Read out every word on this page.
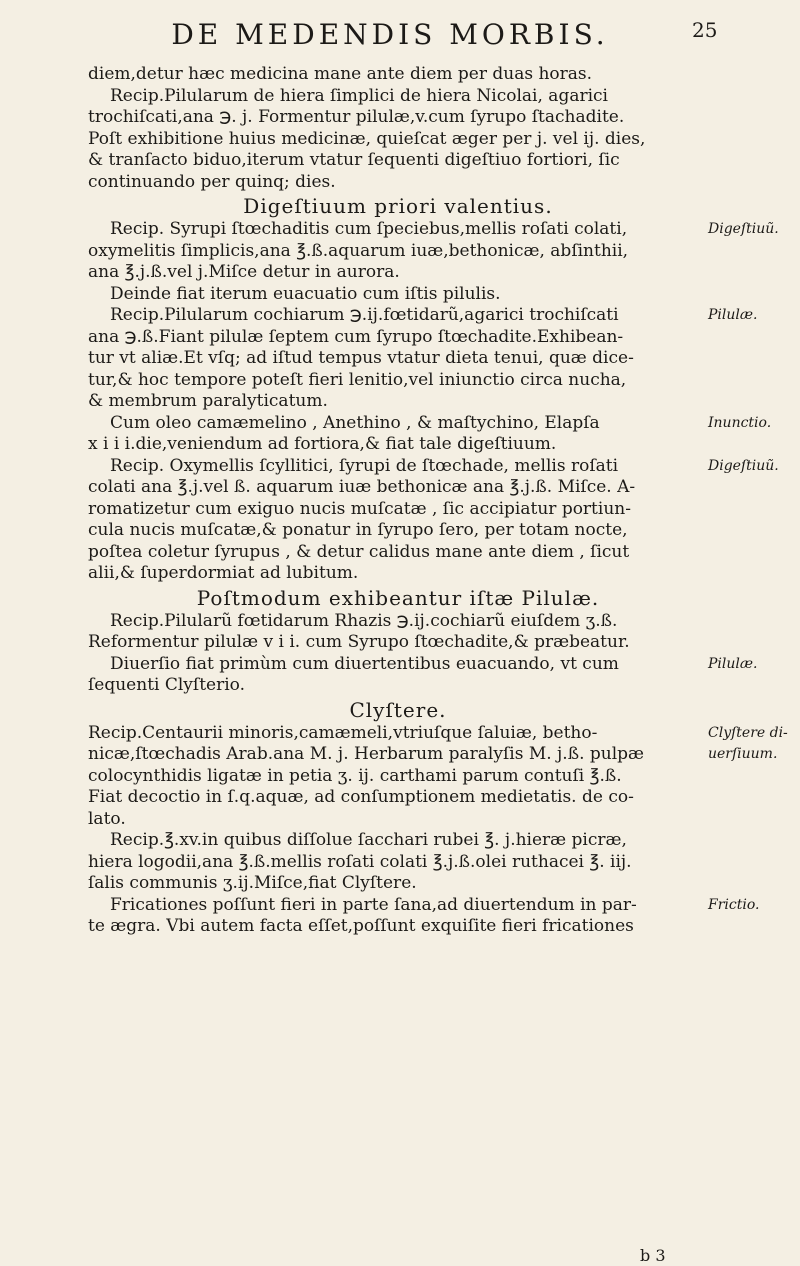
DE MEDENDIS MORBIS.	25
diem,detur hæc medicina mane ante diem per duas horas.
Recip.Pilularum de hiera ſimplici de hiera Nicolai, agarici
trochiſcati,ana ℈. j. Formentur pilulæ,v.cum ſyrupo ſtachadite.
Poſt exhibitione huius medicinæ, quieſcat æger per j. vel ij. dies,
& tranſacto biduo,iterum vtatur ſequenti digeſtiuo fortiori, ſic
continuando per quinq; dies.
Digeſtiuum priori valentius.
Recip. Syrupi ſtœchaditis cum ſpeciebus,mellis roſati colati,
oxymelitis ſimplicis,ana ℥.ß.aquarum iuæ,bethonicæ, abſinthii,
ana ℥.j.ß.vel j.Miſce detur in aurora.
Deinde fiat iterum euacuatio cum iſtis pilulis.
Recip.Pilularum cochiarum ℈.ij.fœtidarũ,agarici trochiſcati
ana ℈.ß.Fiant pilulæ ſeptem cum ſyrupo ſtœchadite.Exhibean-
tur vt aliæ.Et vſq; ad iſtud tempus vtatur dieta tenui, quæ dice-
tur,& hoc tempore poteſt fieri lenitio,vel iniunctio circa nucha,
& membrum paralyticatum.
Cum oleo camæmelino , Anethino , & maſtychino, Elapſa
x i i i.die,veniendum ad fortiora,& fiat tale digeſtiuum.
Recip. Oxymellis ſcyllitici, ſyrupi de ſtœchade, mellis roſati
colati ana ℥.j.vel ß. aquarum iuæ bethonicæ ana ℥.j.ß. Miſce. A-
romatizetur cum exiguo nucis muſcatæ , ſic accipiatur portiun-
cula nucis muſcatæ,& ponatur in ſyrupo ſero, per totam nocte,
poſtea coletur ſyrupus , & detur calidus mane ante diem , ſicut
alii,& ſuperdormiat ad lubitum.
Poſtmodum exhibeantur iſtæ Pilulæ.
Recip.Pilularũ fœtidarum Rhazis ℈.ij.cochiarũ eiuſdem ʒ.ß.
Reformentur pilulæ v i i. cum Syrupo ſtœchadite,& præbeatur.
Diuerſio fiat primùm cum diuertentibus euacuando, vt cum
ſequenti Clyſterio.
Clyſtere.
Recip.Centaurii minoris,camæmeli,vtriuſque ſaluiæ, betho-
nicæ,ſtœchadis Arab.ana M. j. Herbarum paralyſis M. j.ß. pulpæ
colocynthidis ligatæ in petia ʒ. ij. carthami parum contuſi ℥.ß.
Fiat decoctio in ſ.q.aquæ, ad conſumptionem medietatis. de co-
lato.
Recip.℥.xv.in quibus diſſolue ſacchari rubei ℥. j.hieræ picræ,
hiera logodii,ana ℥.ß.mellis roſati colati ℥.j.ß.olei ruthacei ℥. iij.
ſalis communis ʒ.ij.Miſce,fiat Clyſtere.
Fricationes poſſunt fieri in parte ſana,ad diuertendum in par-
te ægra. Vbi autem facta eſſet,poſſunt exquiſite fieri fricationes
Digeſtiuũ.
Pilulæ.
Inunctio.
Digeſtiuũ.
Pilulæ.
Clyſtere di-
uerſiuum.
Frictio.
b 3
